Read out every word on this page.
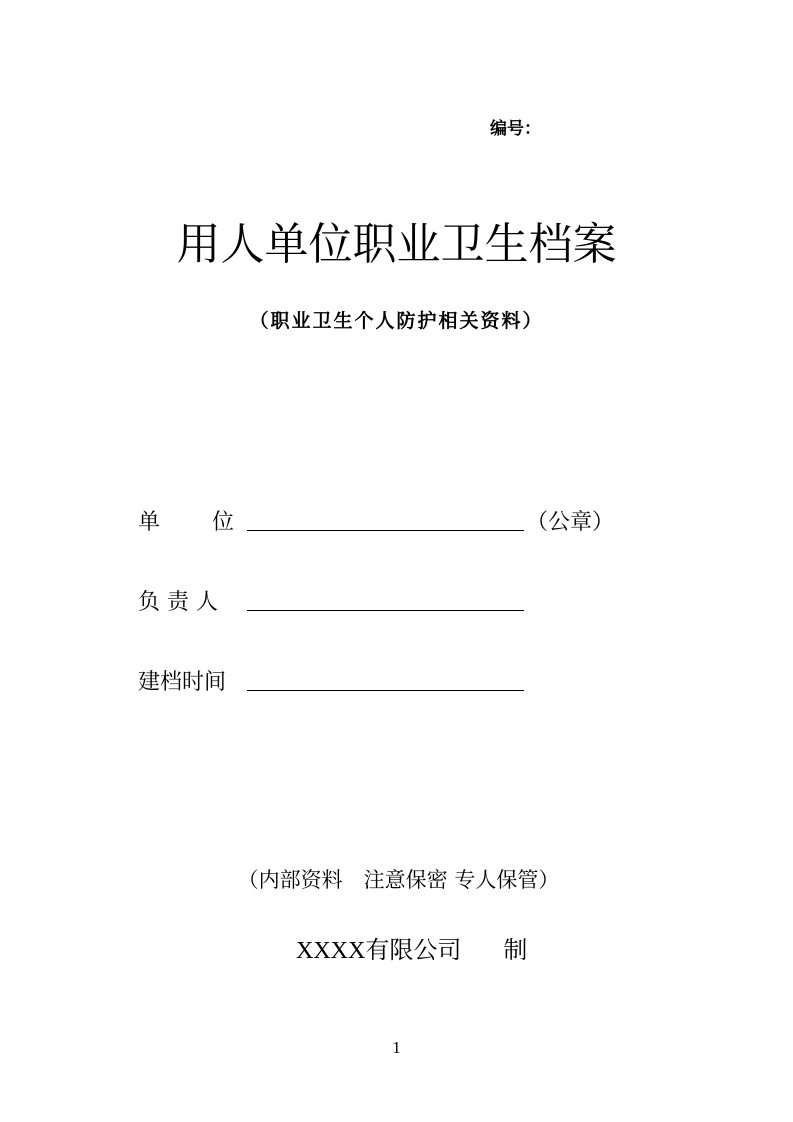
编号：
用人单位职业卫生档案
（职业卫生个人防护相关资料）
单 位	（公章）
负 责 人
建档时间
（内部资料　注意保密 专人保管）
XXXX有限公司 制
1
